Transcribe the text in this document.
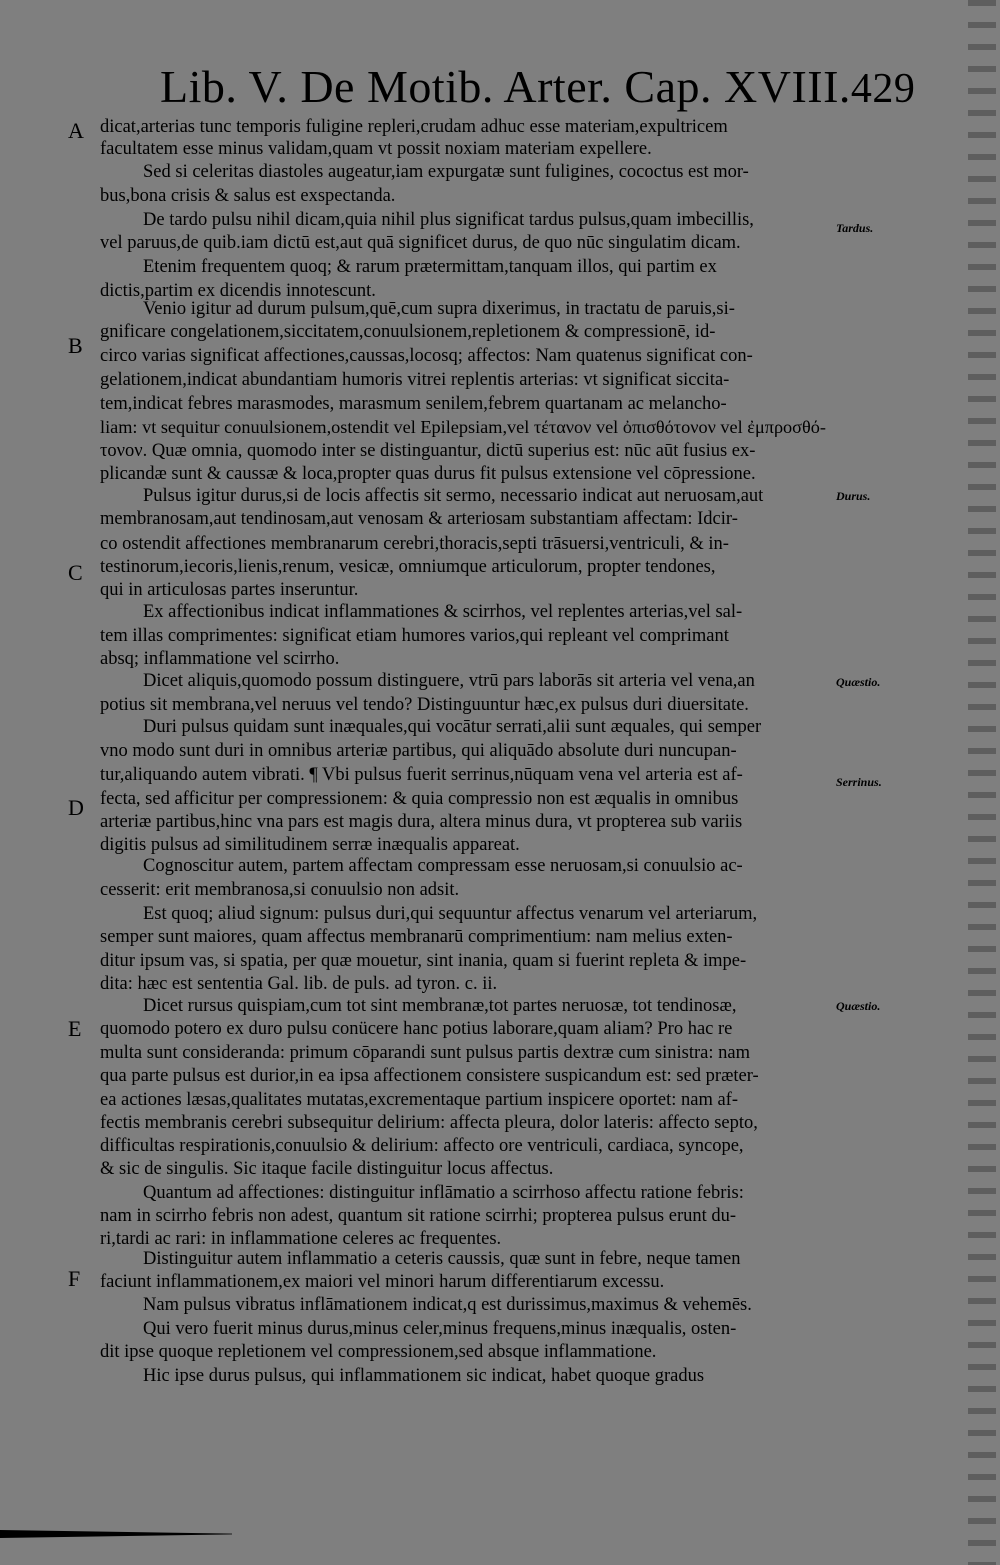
Lib. V. De Motib. Arter. Cap. XVIII. 429
A
B
C
D
E
F
Tardus.
Durus.
Quæstio.
Serrinus.
Quæstio.
dicat,arterias tunc temporis fuligine repleri,crudam adhuc esse materiam,expultricem
facultatem esse minus validam,quam vt possit noxiam materiam expellere.
Sed si celeritas diastoles augeatur,iam expurgatæ sunt fuligines, cococtus est mor-
bus,bona crisis & salus est exspectanda.
De tardo pulsu nihil dicam,quia nihil plus significat tardus pulsus,quam imbecillis,
vel paruus,de quib.iam dictū est,aut quā significet durus, de quo nūc singulatim dicam.
Etenim frequentem quoq; & rarum prætermittam,tanquam illos, qui partim ex
dictis,partim ex dicendis innotescunt.
Venio igitur ad durum pulsum,quē,cum supra dixerimus, in tractatu de paruis,si-
gnificare congelationem,siccitatem,conuulsionem,repletionem & compressionē, id-
circo varias significat affectiones,caussas,locosq; affectos: Nam quatenus significat con-
gelationem,indicat abundantiam humoris vitrei replentis arterias: vt significat siccita-
tem,indicat febres marasmodes, marasmum senilem,febrem quartanam ac melancho-
liam: vt sequitur conuulsionem,ostendit vel Epilepsiam,vel τέτανον vel ὀπισθότονον vel ἐμπροσθό-
τονον. Quæ omnia, quomodo inter se distinguantur, dictū superius est: nūc aūt fusius ex-
plicandæ sunt & caussæ & loca,propter quas durus fit pulsus extensione vel cōpressione.
Pulsus igitur durus,si de locis affectis sit sermo, necessario indicat aut neruosam,aut
membranosam,aut tendinosam,aut venosam & arteriosam substantiam affectam: Idcir-
co ostendit affectiones membranarum cerebri,thoracis,septi trāsuersi,ventriculi, & in-
testinorum,iecoris,lienis,renum, vesicæ, omniumque articulorum, propter tendones,
qui in articulosas partes inseruntur.
Ex affectionibus indicat inflammationes & scirrhos, vel replentes arterias,vel sal-
tem illas comprimentes: significat etiam humores varios,qui repleant vel comprimant
absq; inflammatione vel scirrho.
Dicet aliquis,quomodo possum distinguere, vtrū pars laborās sit arteria vel vena,an
potius sit membrana,vel neruus vel tendo? Distinguuntur hæc,ex pulsus duri diuersitate.
Duri pulsus quidam sunt inæquales,qui vocātur serrati,alii sunt æquales, qui semper
vno modo sunt duri in omnibus arteriæ partibus, qui aliquādo absolute duri nuncupan-
tur,aliquando autem vibrati. ¶ Vbi pulsus fuerit serrinus,nūquam vena vel arteria est af-
fecta, sed afficitur per compressionem: & quia compressio non est æqualis in omnibus
arteriæ partibus,hinc vna pars est magis dura, altera minus dura, vt propterea sub variis
digitis pulsus ad similitudinem serræ inæqualis appareat.
Cognoscitur autem, partem affectam compressam esse neruosam,si conuulsio ac-
cesserit: erit membranosa,si conuulsio non adsit.
Est quoq; aliud signum: pulsus duri,qui sequuntur affectus venarum vel arteriarum,
semper sunt maiores, quam affectus membranarū comprimentium: nam melius exten-
ditur ipsum vas, si spatia, per quæ mouetur, sint inania, quam si fuerint repleta & impe-
dita: hæc est sententia Gal. lib. de puls. ad tyron. c. ii.
Dicet rursus quispiam,cum tot sint membranæ,tot partes neruosæ, tot tendinosæ,
quomodo potero ex duro pulsu conücere hanc potius laborare,quam aliam? Pro hac re
multa sunt consideranda: primum cōparandi sunt pulsus partis dextræ cum sinistra: nam
qua parte pulsus est durior,in ea ipsa affectionem consistere suspicandum est: sed præter-
ea actiones læsas,qualitates mutatas,excrementaque partium inspicere oportet: nam af-
fectis membranis cerebri subsequitur delirium: affecta pleura, dolor lateris: affecto septo,
difficultas respirationis,conuulsio & delirium: affecto ore ventriculi, cardiaca, syncope,
& sic de singulis. Sic itaque facile distinguitur locus affectus.
Quantum ad affectiones: distinguitur inflāmatio a scirrhoso affectu ratione febris:
nam in scirrho febris non adest, quantum sit ratione scirrhi; propterea pulsus erunt du-
ri,tardi ac rari: in inflammatione celeres ac frequentes.
Distinguitur autem inflammatio a ceteris caussis, quæ sunt in febre, neque tamen
faciunt inflammationem,ex maiori vel minori harum differentiarum excessu.
Nam pulsus vibratus inflāmationem indicat,q est durissimus,maximus & vehemēs.
Qui vero fuerit minus durus,minus celer,minus frequens,minus inæqualis, osten-
dit ipse quoque repletionem vel compressionem,sed absque inflammatione.
Hic ipse durus pulsus, qui inflammationem sic indicat, habet quoque gradus
